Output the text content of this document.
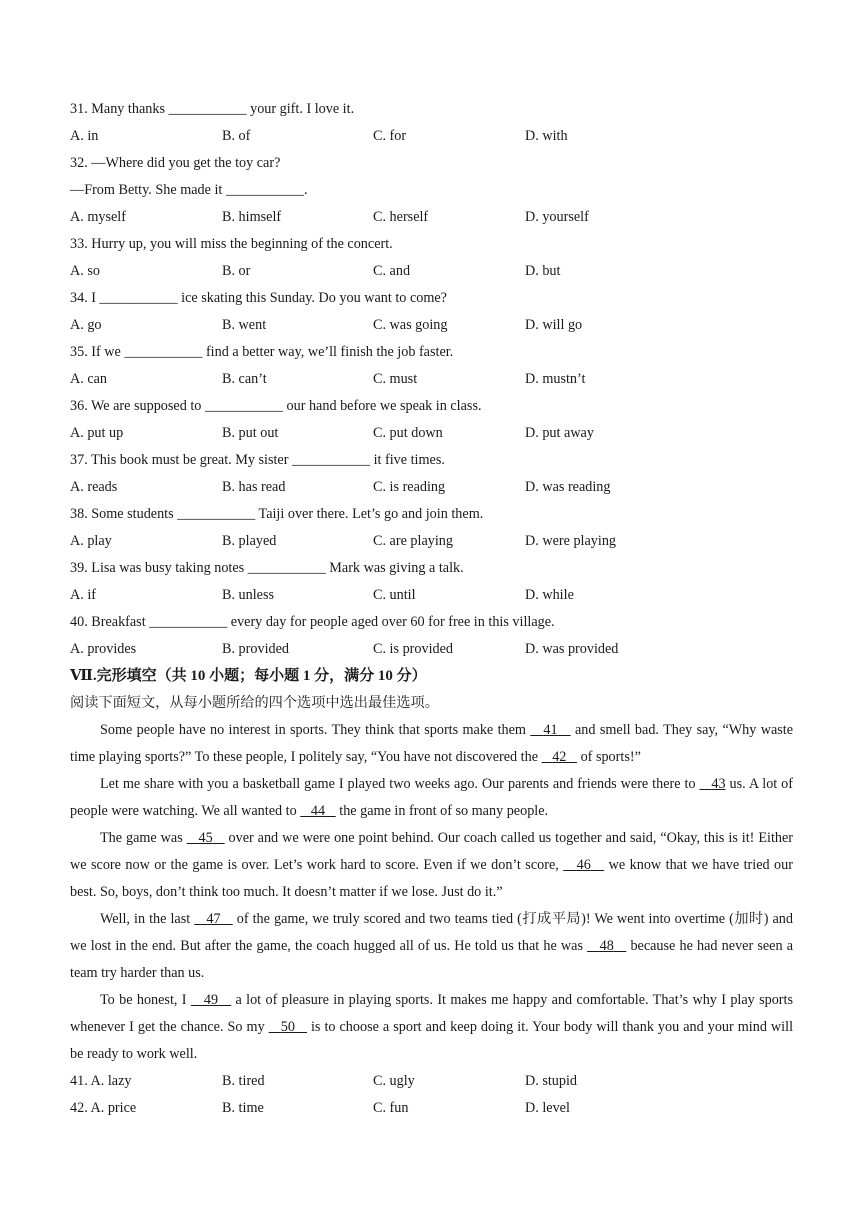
31. Many thanks ___________ your gift. I love it.
A. in	B. of	C. for	D. with
32. —Where did you get the toy car?
—From Betty. She made it ___________.
A. myself	B. himself	C. herself	D. yourself
33. Hurry up, you will miss the beginning of the concert.
A. so	B. or	C. and	D. but
34. I ___________ ice skating this Sunday. Do you want to come?
A. go	B. went	C. was going	D. will go
35. If we ___________ find a better way, we’ll finish the job faster.
A. can	B. can’t	C. must	D. mustn’t
36. We are supposed to ___________ our hand before we speak in class.
A. put up	B. put out	C. put down	D. put away
37. This book must be great. My sister ___________ it five times.
A. reads	B. has read	C. is reading	D. was reading
38. Some students ___________ Taiji over there. Let’s go and join them.
A. play	B. played	C. are playing	D. were playing
39. Lisa was busy taking notes ___________ Mark was giving a talk.
A. if	B. unless	C. until	D. while
40. Breakfast ___________ every day for people aged over 60 for free in this village.
A. provides	B. provided	C. is provided	D. was provided
Ⅶ.完形填空（共 10 小题；每小题 1 分，满分 10 分）
阅读下面短文，从每小题所给的四个选项中选出最佳选项。

Some people have no interest in sports. They think that sports make them    41    and smell bad. They say, “Why waste time playing sports?” To these people, I politely say, “You have not discovered the    42    of sports!”

Let me share with you a basketball game I played two weeks ago. Our parents and friends were there to    43 us. A lot of people were watching. We all wanted to    44    the game in front of so many people.

The game was    45    over and we were one point behind. Our coach called us together and said, “Okay, this is it! Either we score now or the game is over. Let’s work hard to score. Even if we don’t score,    46    we know that we have tried our best. So, boys, don’t think too much. It doesn’t matter if we lose. Just do it.”

Well, in the last    47    of the game, we truly scored and two teams tied (打成平局)! We went into overtime (加时) and we lost in the end. But after the game, the coach hugged all of us. He told us that he was    48    because he had never seen a team try harder than us.

To be honest, I    49    a lot of pleasure in playing sports. It makes me happy and comfortable. That’s why I play sports whenever I get the chance. So my    50    is to choose a sport and keep doing it. Your body will thank you and your mind will be ready to work well.

41. A. lazy	B. tired	C. ugly	D. stupid
42. A. price	B. time	C. fun	D. level
